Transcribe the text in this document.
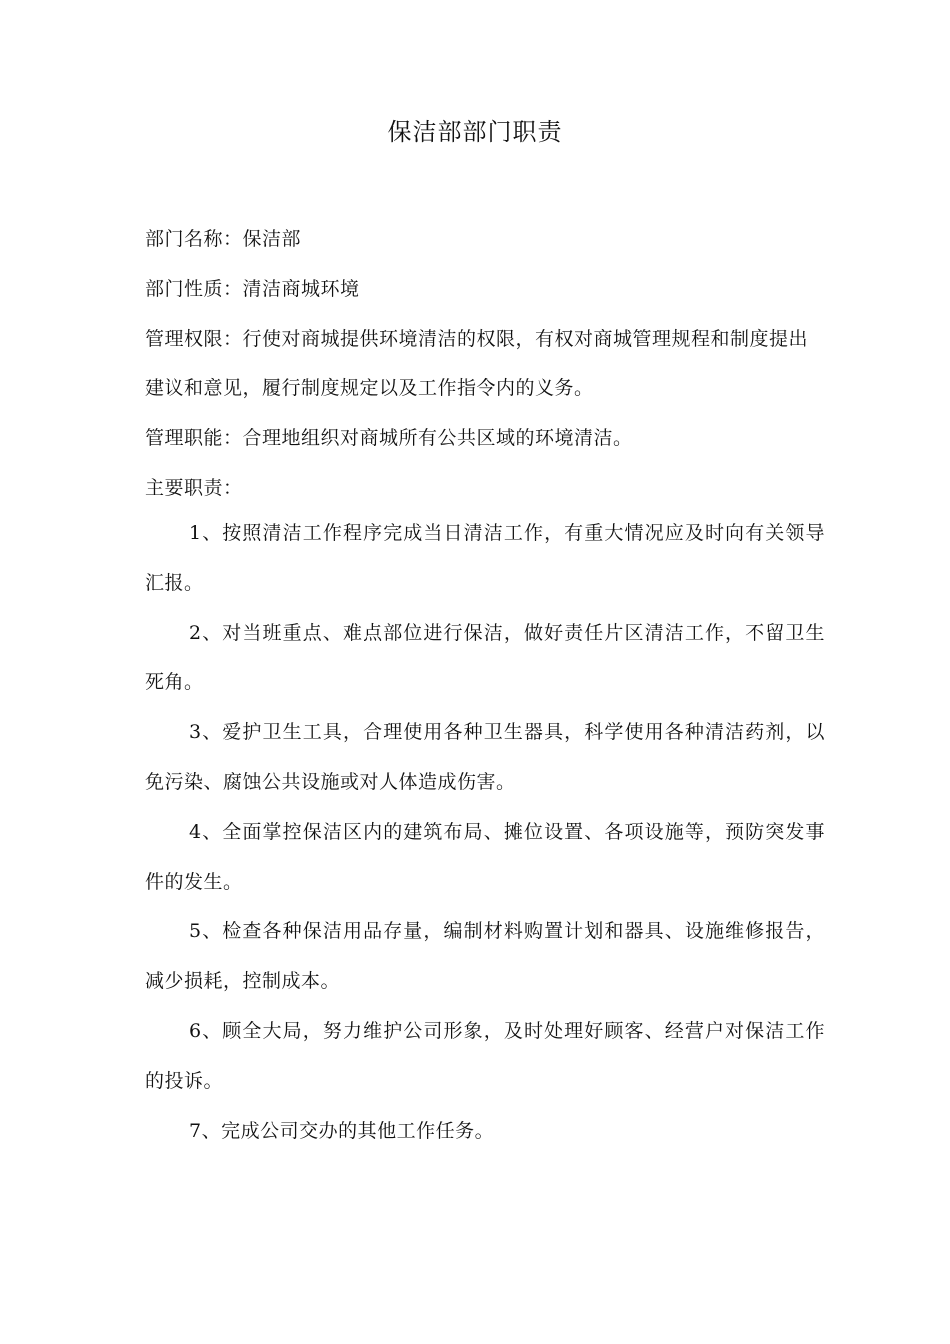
保洁部部门职责

部门名称：保洁部

部门性质：清洁商城环境

管理权限：行使对商城提供环境清洁的权限，有权对商城管理规程和制度提出建议和意见，履行制度规定以及工作指令内的义务。

管理职能：合理地组织对商城所有公共区域的环境清洁。

主要职责：

1、按照清洁工作程序完成当日清洁工作，有重大情况应及时向有关领导汇报。

2、对当班重点、难点部位进行保洁，做好责任片区清洁工作，不留卫生死角。

3、爱护卫生工具，合理使用各种卫生器具，科学使用各种清洁药剂，以免污染、腐蚀公共设施或对人体造成伤害。

4、全面掌控保洁区内的建筑布局、摊位设置、各项设施等，预防突发事件的发生。

5、检查各种保洁用品存量，编制材料购置计划和器具、设施维修报告，减少损耗，控制成本。

6、顾全大局，努力维护公司形象，及时处理好顾客、经营户对保洁工作的投诉。

7、完成公司交办的其他工作任务。
